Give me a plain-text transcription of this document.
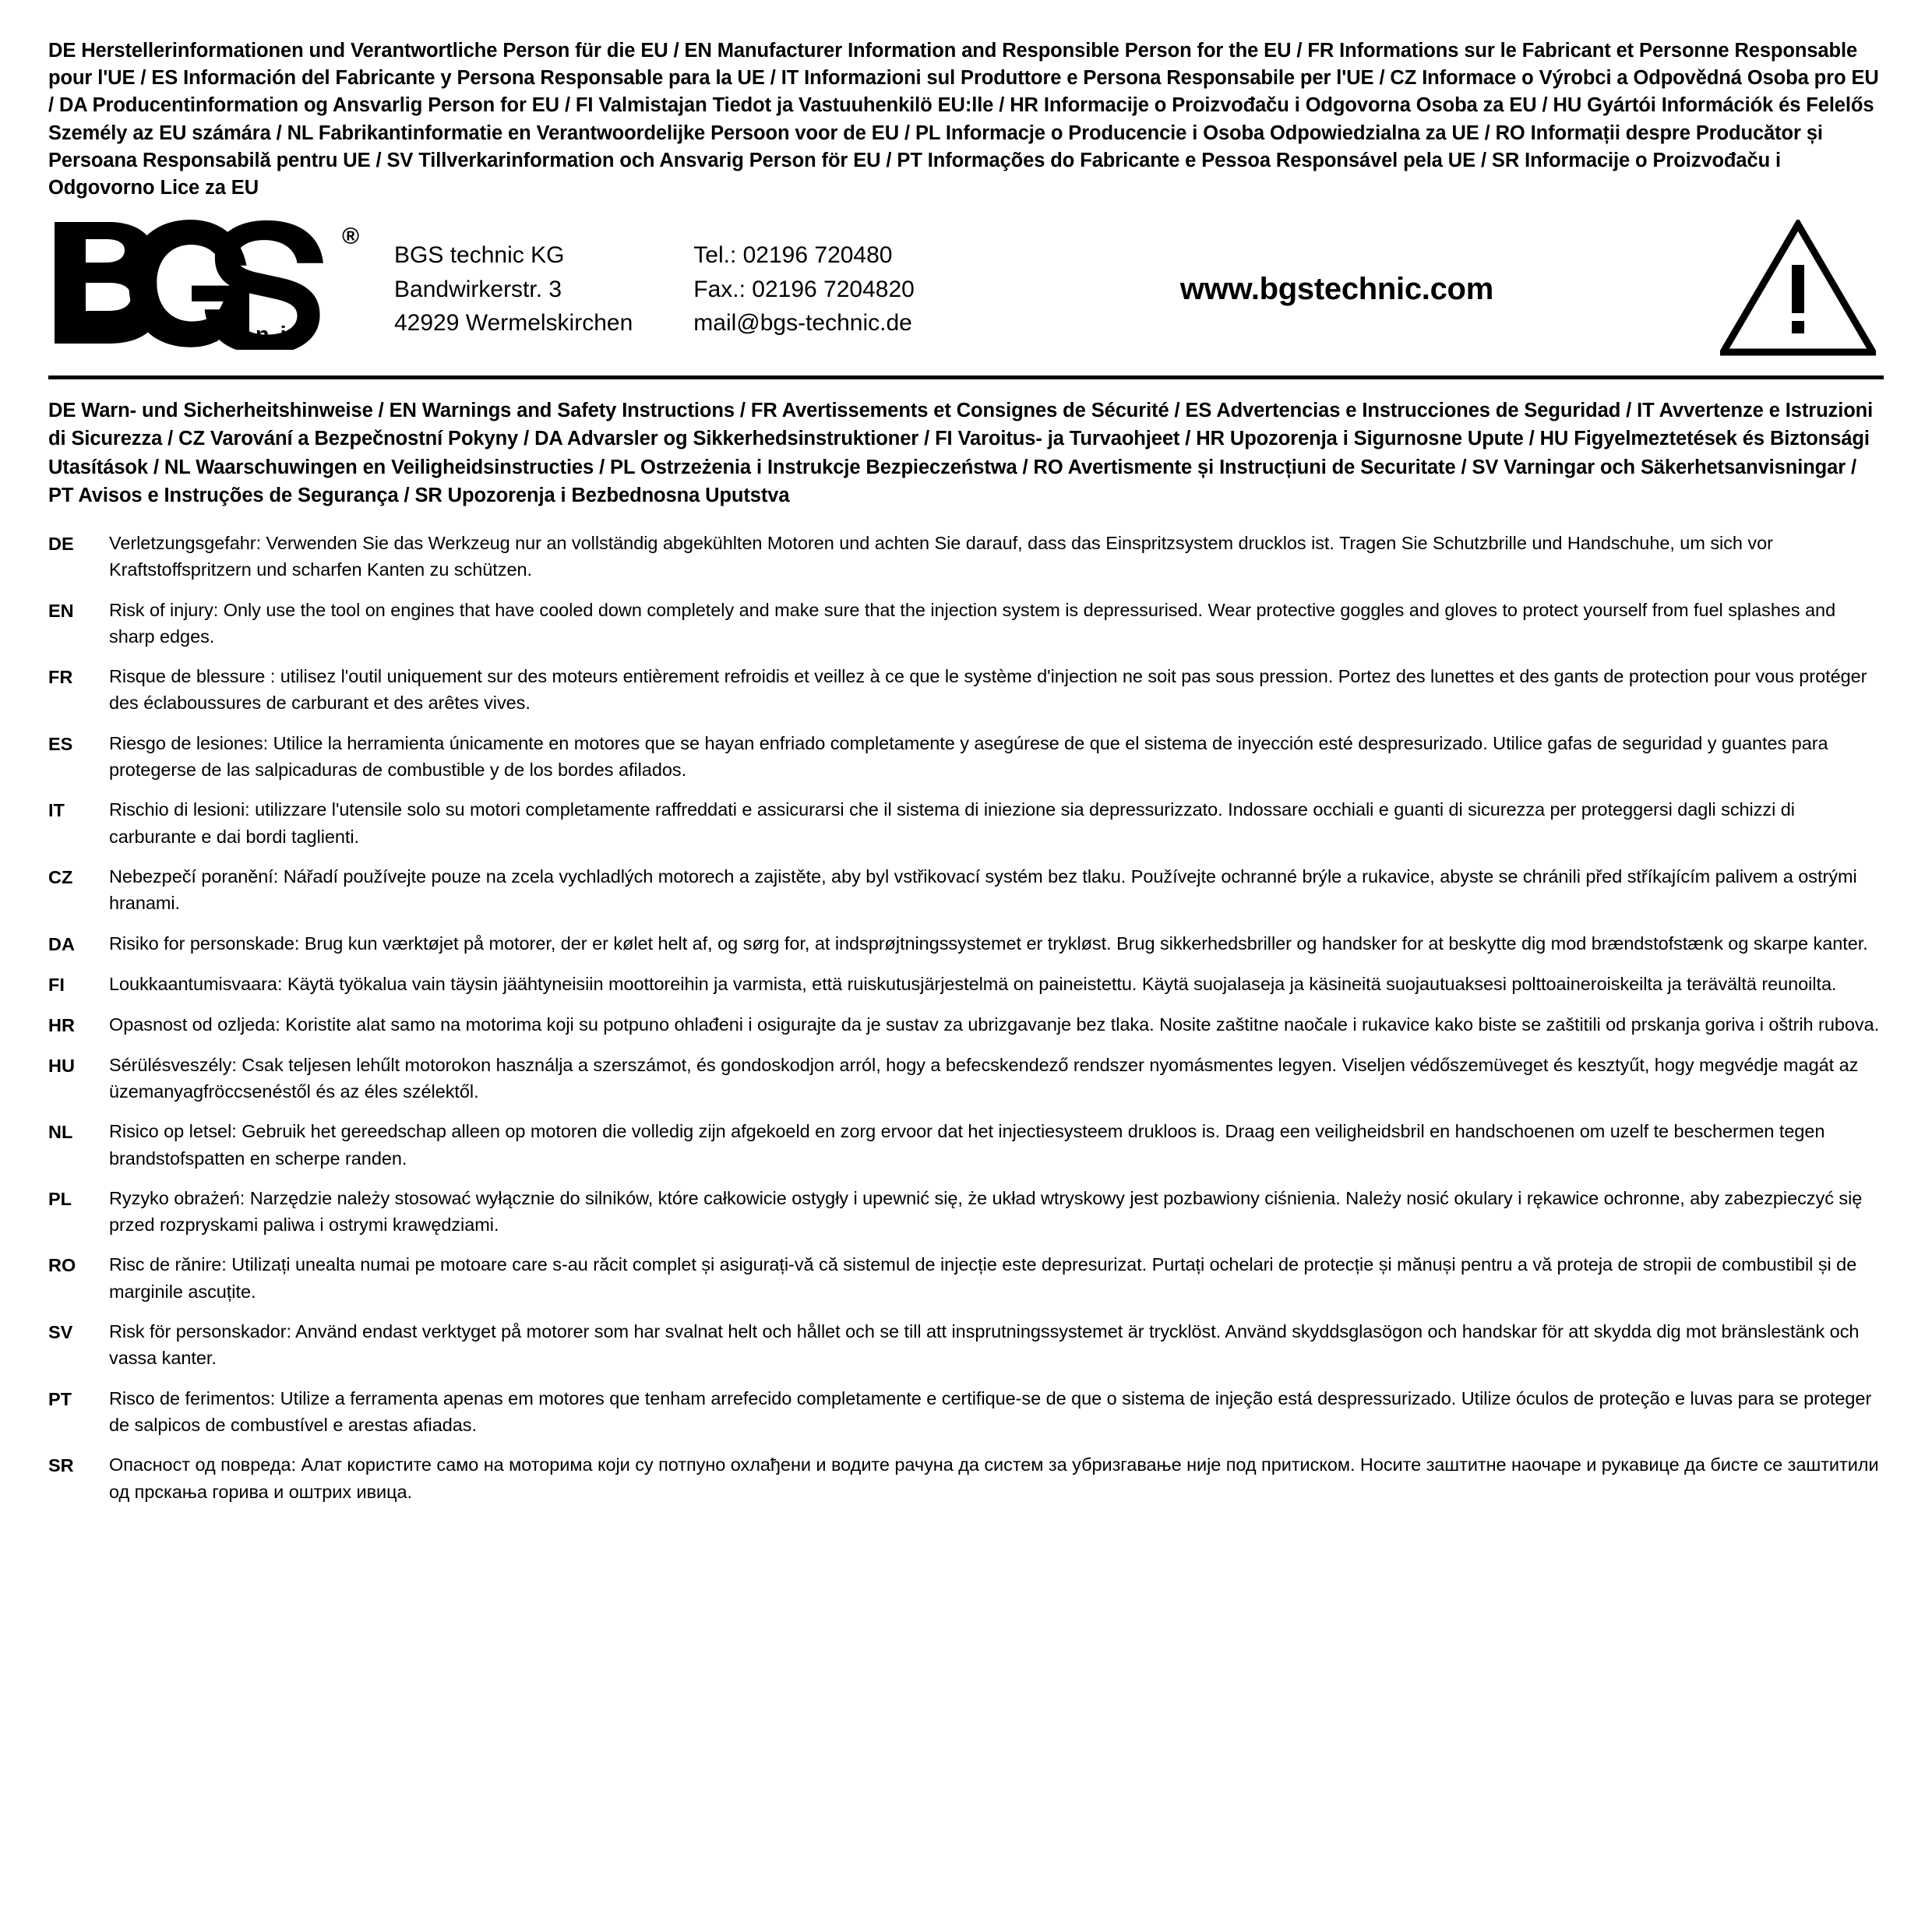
DE Herstellerinformationen und Verantwortliche Person für die EU / EN Manufacturer Information and Responsible Person for the EU / FR Informations sur le Fabricant et Personne Responsable pour l'UE / ES Información del Fabricante y Persona Responsable para la UE / IT Informazioni sul Produttore e Persona Responsabile per l'UE / CZ Informace o Výrobci a Odpovědná Osoba pro EU / DA Producentinformation og Ansvarlig Person for EU / FI Valmistajan Tiedot ja Vastuuhenkilö EU:lle / HR Informacije o Proizvođaču i Odgovorna Osoba za EU / HU Gyártói Információk és Felelős Személy az EU számára / NL Fabrikantinformatie en Verantwoordelijke Persoon voor de EU / PL Informacje o Producencie i Osoba Odpowiedzialna za UE / RO Informații despre Producător și Persoana Responsabilă pentru UE / SV Tillverkarinformation och Ansvarig Person för EU / PT Informações do Fabricante e Pessoa Responsável pela UE / SR Informacije o Proizvođaču i Odgovorno Lice za EU
®
t e c h n i c
BGS technic KG
Bandwirkerstr. 3
42929 Wermelskirchen
Tel.: 02196 720480
Fax.: 02196 7204820
mail@bgs-technic.de
www.bgstechnic.com
DE Warn- und Sicherheitshinweise / EN Warnings and Safety Instructions / FR Avertissements et Consignes de Sécurité / ES Advertencias e Instrucciones de Seguridad / IT Avvertenze e Istruzioni di Sicurezza / CZ Varování a Bezpečnostní Pokyny / DA Advarsler og Sikkerhedsinstruktioner / FI Varoitus- ja Turvaohjeet / HR Upozorenja i Sigurnosne Upute / HU Figyelmeztetések és Biztonsági Utasítások / NL Waarschuwingen en Veiligheidsinstructies / PL Ostrzeżenia i Instrukcje Bezpieczeństwa / RO Avertismente și Instrucțiuni de Securitate / SV Varningar och Säkerhetsanvisningar / PT Avisos e Instruções de Segurança / SR Upozorenja i Bezbednosna Uputstva
DE	Verletzungsgefahr: Verwenden Sie das Werkzeug nur an vollständig abgekühlten Motoren und achten Sie darauf, dass das Einspritzsystem drucklos ist. Tragen Sie Schutzbrille und Handschuhe, um sich vor Kraftstoffspritzern und scharfen Kanten zu schützen.
EN	Risk of injury: Only use the tool on engines that have cooled down completely and make sure that the injection system is depressurised. Wear protective goggles and gloves to protect yourself from fuel splashes and sharp edges.
FR	Risque de blessure : utilisez l'outil uniquement sur des moteurs entièrement refroidis et veillez à ce que le système d'injection ne soit pas sous pression. Portez des lunettes et des gants de protection pour vous protéger des éclaboussures de carburant et des arêtes vives.
ES	Riesgo de lesiones: Utilice la herramienta únicamente en motores que se hayan enfriado completamente y asegúrese de que el sistema de inyección esté despresurizado. Utilice gafas de seguridad y guantes para protegerse de las salpicaduras de combustible y de los bordes afilados.
IT	Rischio di lesioni: utilizzare l'utensile solo su motori completamente raffreddati e assicurarsi che il sistema di iniezione sia depressurizzato. Indossare occhiali e guanti di sicurezza per proteggersi dagli schizzi di carburante e dai bordi taglienti.
CZ	Nebezpečí poranění: Nářadí používejte pouze na zcela vychladlých motorech a zajistěte, aby byl vstřikovací systém bez tlaku. Používejte ochranné brýle a rukavice, abyste se chránili před stříkajícím palivem a ostrými hranami.
DA	Risiko for personskade: Brug kun værktøjet på motorer, der er kølet helt af, og sørg for, at indsprøjtningssystemet er trykløst. Brug sikkerhedsbriller og handsker for at beskytte dig mod brændstofstænk og skarpe kanter.
FI	Loukkaantumisvaara: Käytä työkalua vain täysin jäähtyneisiin moottoreihin ja varmista, että ruiskutusjärjestelmä on paineistettu. Käytä suojalaseja ja käsineitä suojautuaksesi polttoaineroiskeilta ja terävältä reunoilta.
HR	Opasnost od ozljeda: Koristite alat samo na motorima koji su potpuno ohlađeni i osigurajte da je sustav za ubrizgavanje bez tlaka. Nosite zaštitne naočale i rukavice kako biste se zaštitili od prskanja goriva i oštrih rubova.
HU	Sérülésveszély: Csak teljesen lehűlt motorokon használja a szerszámot, és gondoskodjon arról, hogy a befecskendező rendszer nyomásmentes legyen. Viseljen védőszemüveget és kesztyűt, hogy megvédje magát az üzemanyagfröccsenéstől és az éles szélektől.
NL	Risico op letsel: Gebruik het gereedschap alleen op motoren die volledig zijn afgekoeld en zorg ervoor dat het injectiesysteem drukloos is. Draag een veiligheidsbril en handschoenen om uzelf te beschermen tegen brandstofspatten en scherpe randen.
PL	Ryzyko obrażeń: Narzędzie należy stosować wyłącznie do silników, które całkowicie ostygły i upewnić się, że układ wtryskowy jest pozbawiony ciśnienia. Należy nosić okulary i rękawice ochronne, aby zabezpieczyć się przed rozpryskami paliwa i ostrymi krawędziami.
RO	Risc de rănire: Utilizați unealta numai pe motoare care s-au răcit complet și asigurați-vă că sistemul de injecție este depresurizat. Purtați ochelari de protecție și mănuși pentru a vă proteja de stropii de combustibil și de marginile ascuțite.
SV	Risk för personskador: Använd endast verktyget på motorer som har svalnat helt och hållet och se till att insprutningssystemet är trycklöst. Använd skyddsglasögon och handskar för att skydda dig mot bränslestänk och vassa kanter.
PT	Risco de ferimentos: Utilize a ferramenta apenas em motores que tenham arrefecido completamente e certifique-se de que o sistema de injeção está despressurizado. Utilize óculos de proteção e luvas para se proteger de salpicos de combustível e arestas afiadas.
SR	Опасност од повреда: Алат користите само на моторима који су потпуно охлађени и водите рачуна да систем за убризгавање није под притиском. Носите заштитне наочаре и рукавице да бисте се заштитили од прскања горива и оштрих ивица.
